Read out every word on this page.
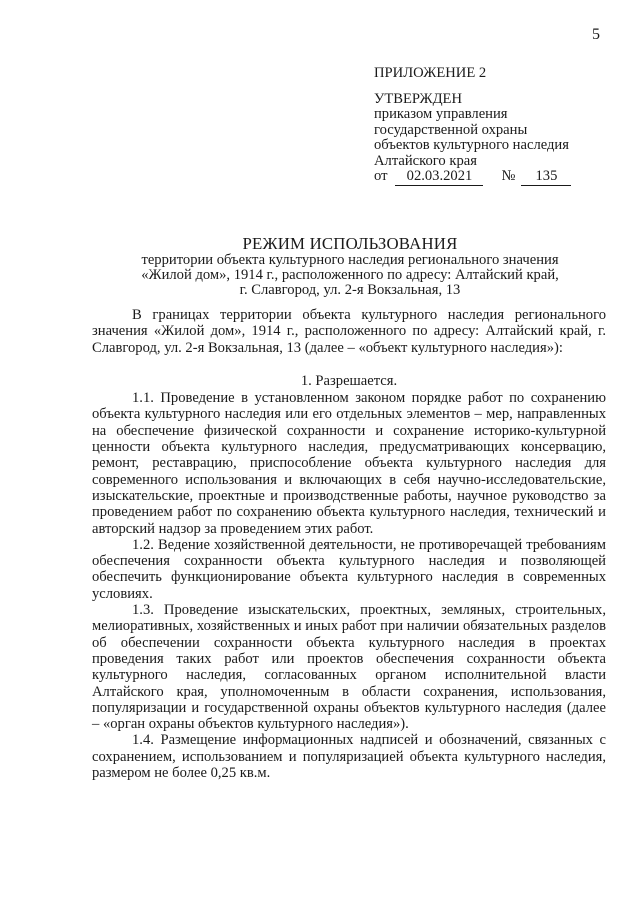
5
ПРИЛОЖЕНИЕ 2
УТВЕРЖДЕН
приказом управления
государственной охраны
объектов культурного наследия
Алтайского края
от 02.03.2021 № 135
РЕЖИМ ИСПОЛЬЗОВАНИЯ
территории объекта культурного наследия регионального значения
«Жилой дом», 1914 г., расположенного по адресу: Алтайский край,
г. Славгород, ул. 2-я Вокзальная, 13

В границах территории объекта культурного наследия регионального значения «Жилой дом», 1914 г., расположенного по адресу: Алтайский край, г. Славгород, ул. 2-я Вокзальная, 13 (далее – «объект культурного наследия»):

1. Разрешается.

1.1. Проведение в установленном законом порядке работ по сохранению объекта культурного наследия или его отдельных элементов – мер, направленных на обеспечение физической сохранности и сохранение историко-культурной ценности объекта культурного наследия, предусматривающих консервацию, ремонт, реставрацию, приспособление объекта культурного наследия для современного использования и включающих в себя научно-исследовательские, изыскательские, проектные и производственные работы, научное руководство за проведением работ по сохранению объекта культурного наследия, технический и авторский надзор за проведением этих работ.

1.2. Ведение хозяйственной деятельности, не противоречащей требованиям обеспечения сохранности объекта культурного наследия и позволяющей обеспечить функционирование объекта культурного наследия в современных условиях.

1.3. Проведение изыскательских, проектных, земляных, строительных, мелиоративных, хозяйственных и иных работ при наличии обязательных разделов об обеспечении сохранности объекта культурного наследия в проектах проведения таких работ или проектов обеспечения сохранности объекта культурного наследия, согласованных органом исполнительной власти Алтайского края, уполномоченным в области сохранения, использования, популяризации и государственной охраны объектов культурного наследия (далее – «орган охраны объектов культурного наследия»).

1.4. Размещение информационных надписей и обозначений, связанных с сохранением, использованием и популяризацией объекта культурного наследия, размером не более 0,25 кв.м.
